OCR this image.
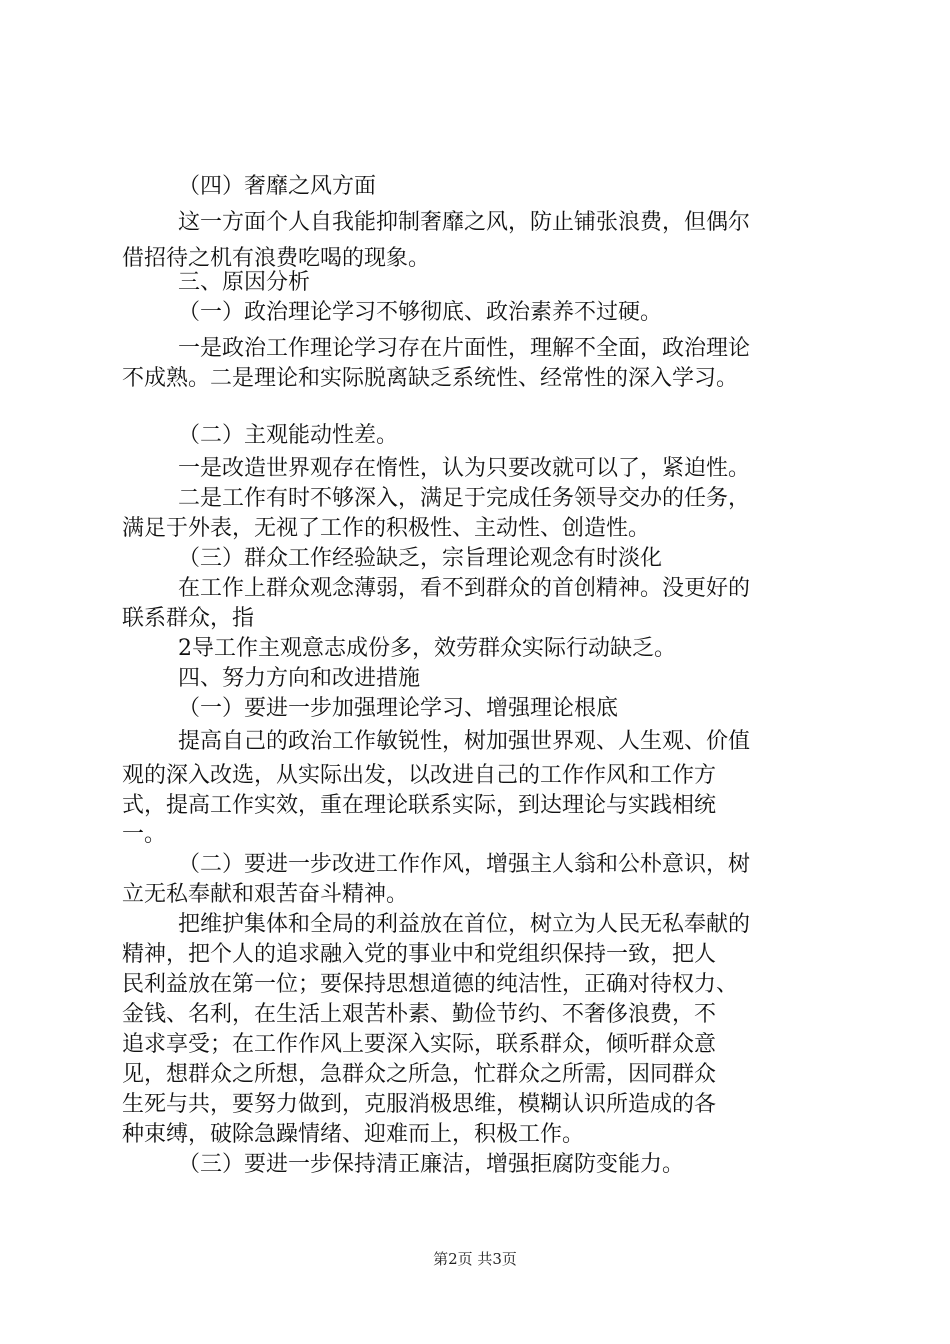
（四）奢靡之风方面
这一方面个人自我能抑制奢靡之风，防止铺张浪费，但偶尔
借招待之机有浪费吃喝的现象。
三、原因分析
（一）政治理论学习不够彻底、政治素养不过硬。
一是政治工作理论学习存在片面性，理解不全面，政治理论
不成熟。二是理论和实际脱离缺乏系统性、经常性的深入学习。
（二）主观能动性差。
一是改造世界观存在惰性，认为只要改就可以了，紧迫性。
二是工作有时不够深入，满足于完成任务领导交办的任务，
满足于外表，无视了工作的积极性、主动性、创造性。
（三）群众工作经验缺乏，宗旨理论观念有时淡化
在工作上群众观念薄弱，看不到群众的首创精神。没更好的
联系群众，指
2导工作主观意志成份多，效劳群众实际行动缺乏。
四、努力方向和改进措施
（一）要进一步加强理论学习、增强理论根底
提高自己的政治工作敏锐性，树加强世界观、人生观、价值
观的深入改选，从实际出发，以改进自己的工作作风和工作方
式，提高工作实效，重在理论联系实际，到达理论与实践相统
一。
（二）要进一步改进工作作风，增强主人翁和公朴意识，树
立无私奉献和艰苦奋斗精神。
把维护集体和全局的利益放在首位，树立为人民无私奉献的
精神，把个人的追求融入党的事业中和党组织保持一致，把人
民利益放在第一位；要保持思想道德的纯洁性，正确对待权力、
金钱、名利，在生活上艰苦朴素、勤俭节约、不奢侈浪费，不
追求享受；在工作作风上要深入实际，联系群众，倾听群众意
见，想群众之所想，急群众之所急，忙群众之所需，因同群众
生死与共，要努力做到，克服消极思维，模糊认识所造成的各
种束缚，破除急躁情绪、迎难而上，积极工作。
（三）要进一步保持清正廉洁，增强拒腐防变能力。
第2页 共3页
